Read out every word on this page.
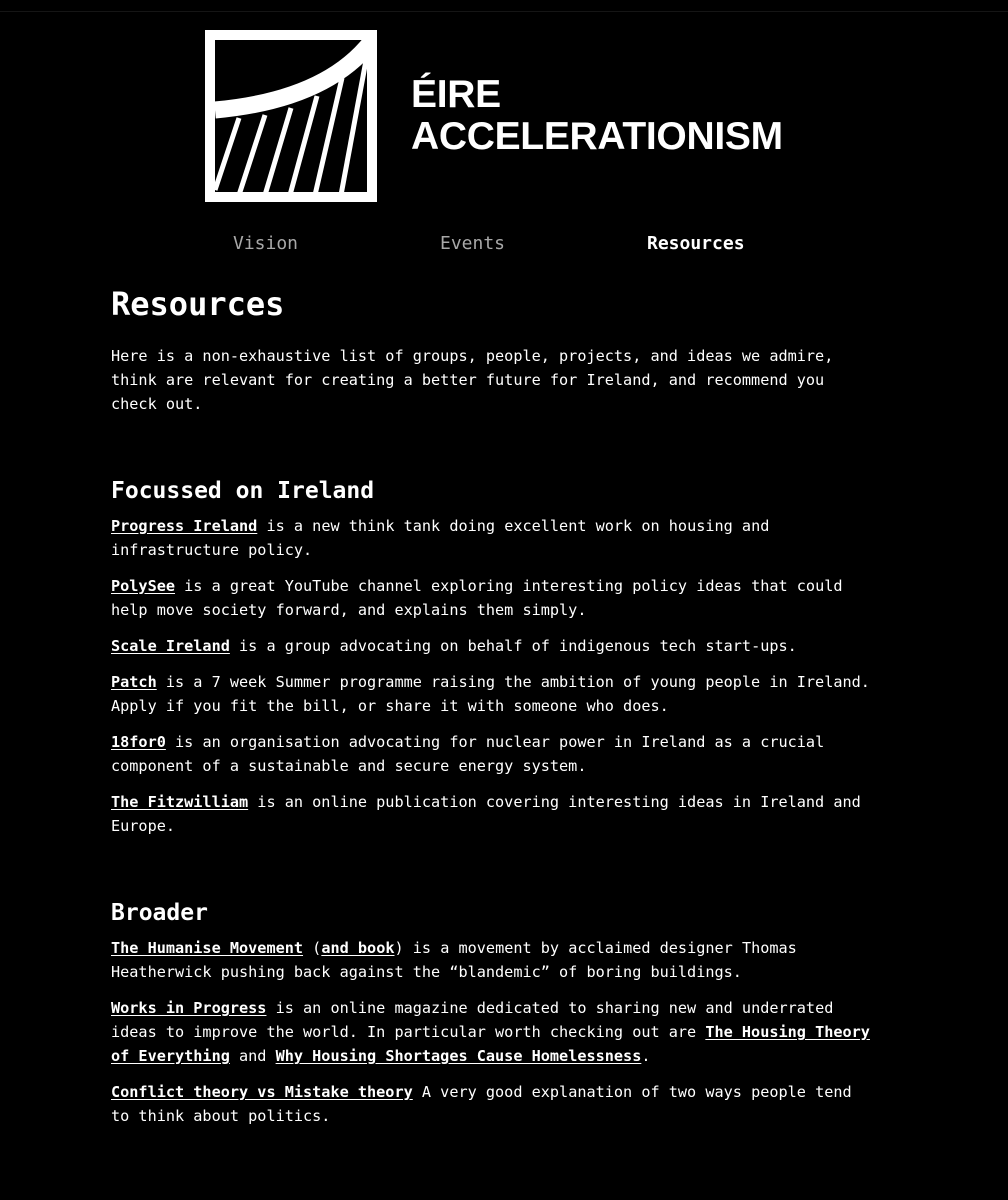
ÉIRE
ACCELERATIONISM
Vision	Events	Resources
Resources

Here is a non-exhaustive list of groups, people, projects, and ideas we admire, think are relevant for creating a better future for Ireland, and recommend you check out.

Focussed on Ireland

Progress Ireland is a new think tank doing excellent work on housing and infrastructure policy.

PolySee is a great YouTube channel exploring interesting policy ideas that could help move society forward, and explains them simply.

Scale Ireland is a group advocating on behalf of indigenous tech start-ups.

Patch is a 7 week Summer programme raising the ambition of young people in Ireland. Apply if you fit the bill, or share it with someone who does.

18for0 is an organisation advocating for nuclear power in Ireland as a crucial component of a sustainable and secure energy system.

The Fitzwilliam is an online publication covering interesting ideas in Ireland and Europe.

Broader

The Humanise Movement (and book) is a movement by acclaimed designer Thomas Heatherwick pushing back against the “blandemic” of boring buildings.

Works in Progress is an online magazine dedicated to sharing new and underrated ideas to improve the world. In particular worth checking out are The Housing Theory of Everything and Why Housing Shortages Cause Homelessness.

Conflict theory vs Mistake theory A very good explanation of two ways people tend to think about politics.
